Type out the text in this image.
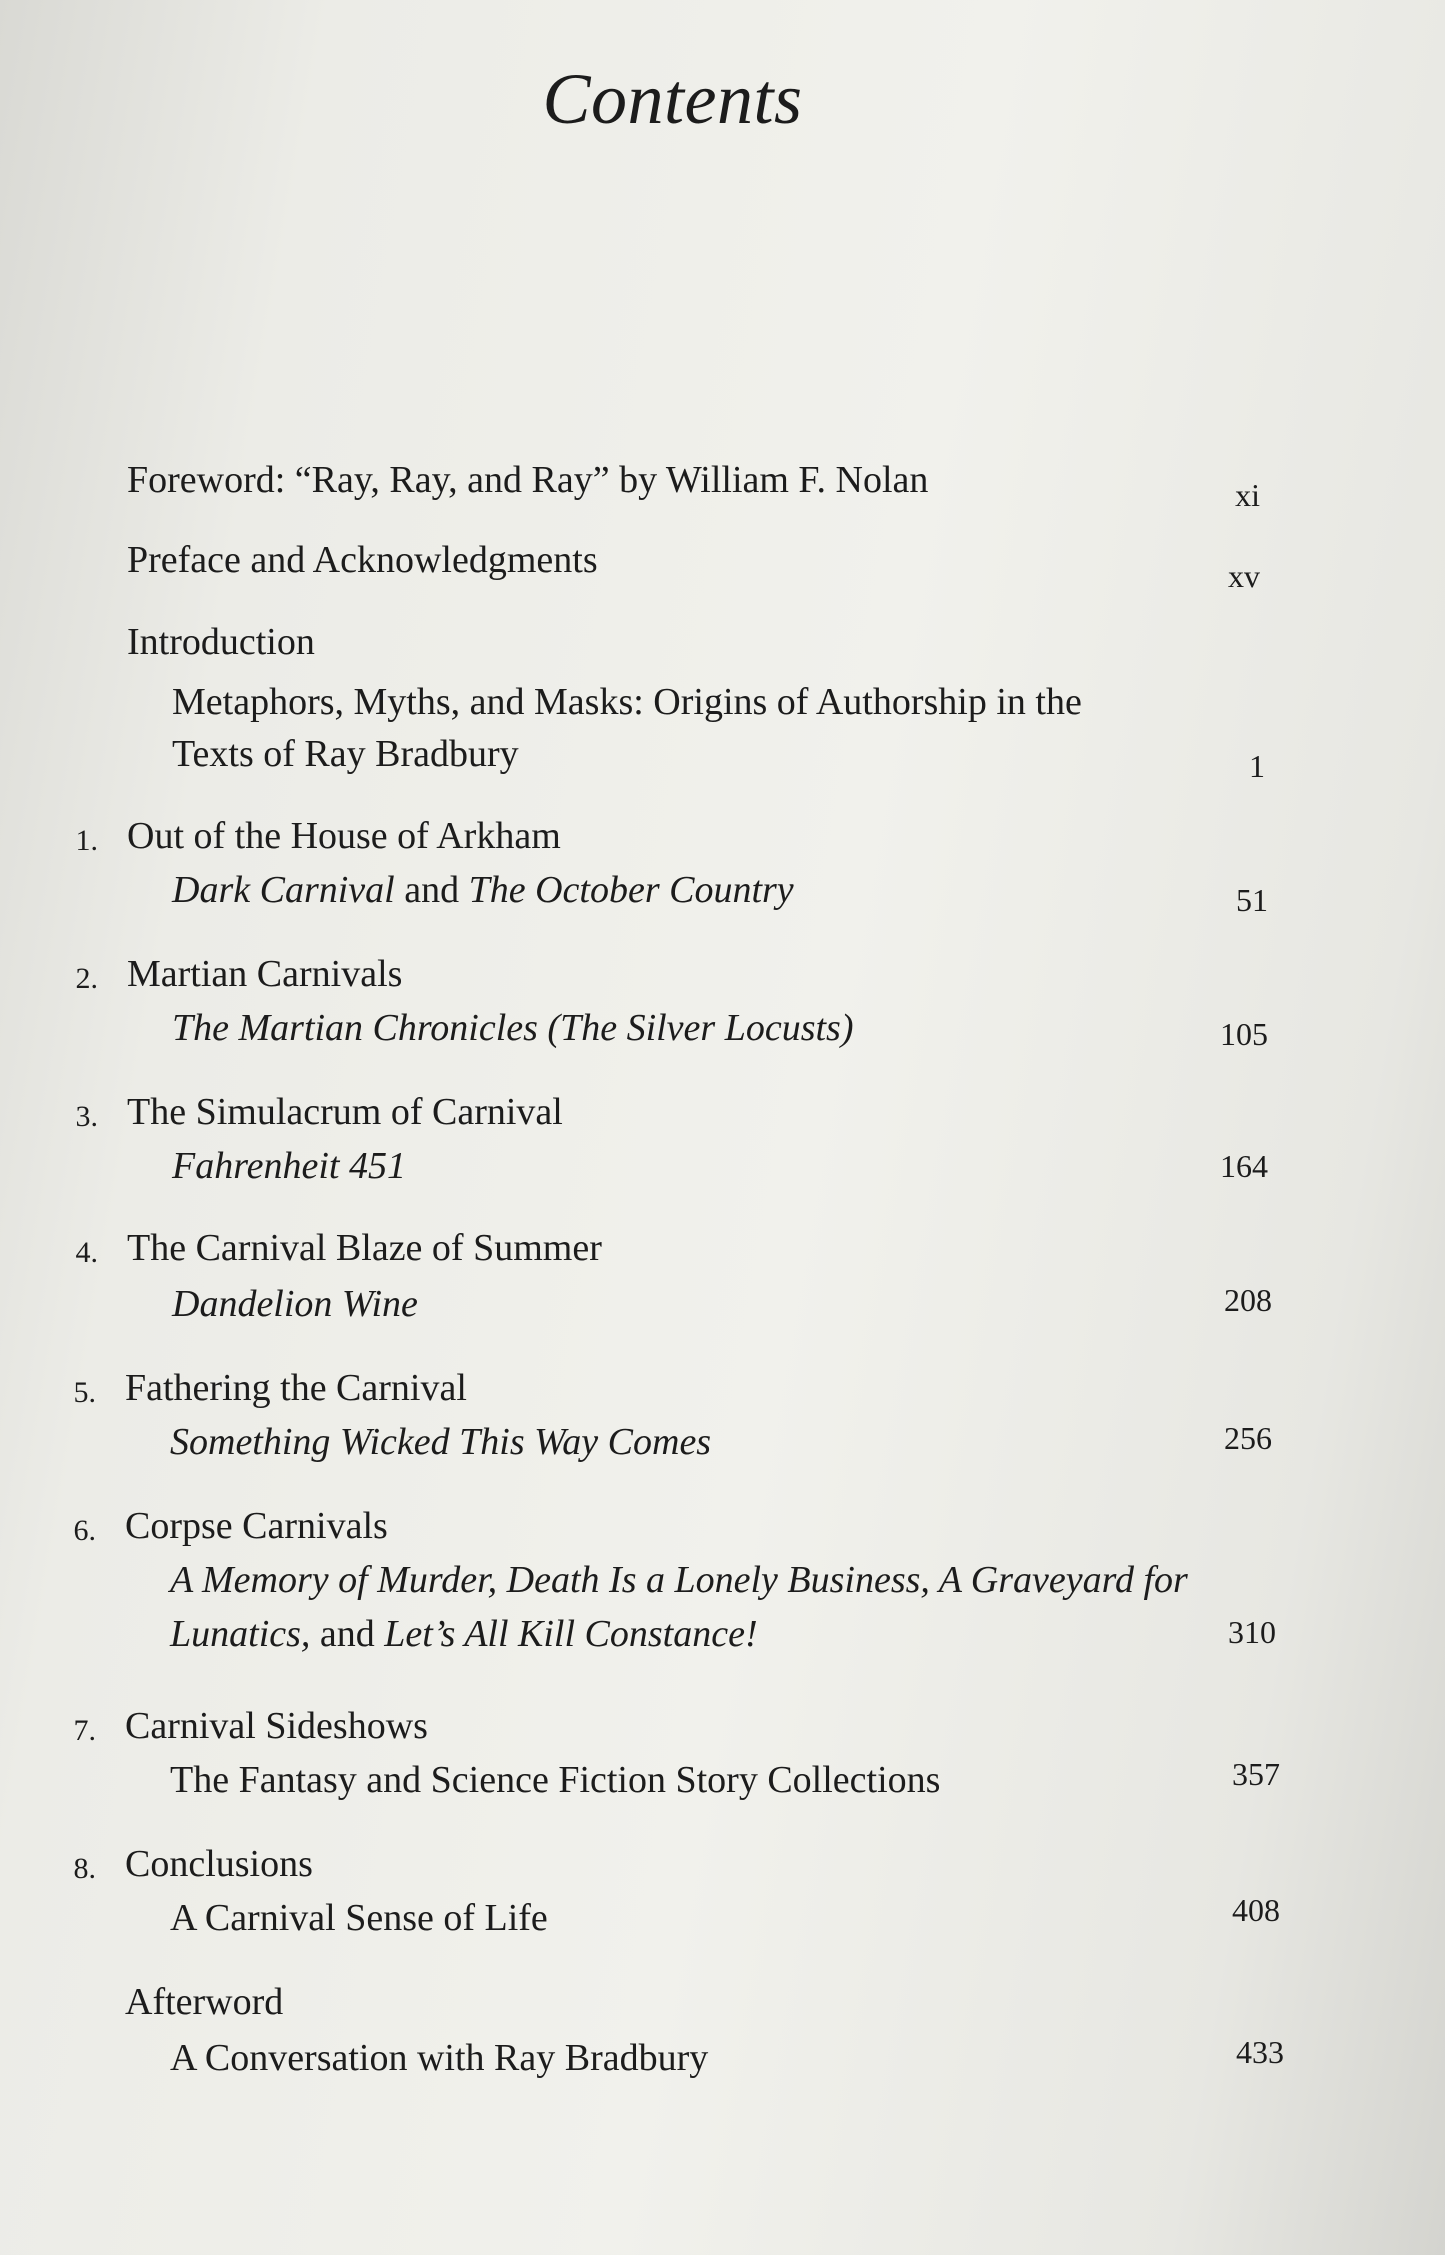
Contents
Foreword: “Ray, Ray, and Ray” by William F. Nolan	xi
Preface and Acknowledgments	xv
Introduction
Metaphors, Myths, and Masks: Origins of Authorship in the
Texts of Ray Bradbury	1
1. Out of the House of Arkham
Dark Carnival and The October Country	51
2. Martian Carnivals
The Martian Chronicles (The Silver Locusts)	105
3. The Simulacrum of Carnival
Fahrenheit 451	164
4. The Carnival Blaze of Summer
Dandelion Wine	208
5. Fathering the Carnival
Something Wicked This Way Comes	256
6. Corpse Carnivals
A Memory of Murder, Death Is a Lonely Business, A Graveyard for
Lunatics, and Let’s All Kill Constance!	310
7. Carnival Sideshows
The Fantasy and Science Fiction Story Collections	357
8. Conclusions
A Carnival Sense of Life	408
Afterword
A Conversation with Ray Bradbury	433
